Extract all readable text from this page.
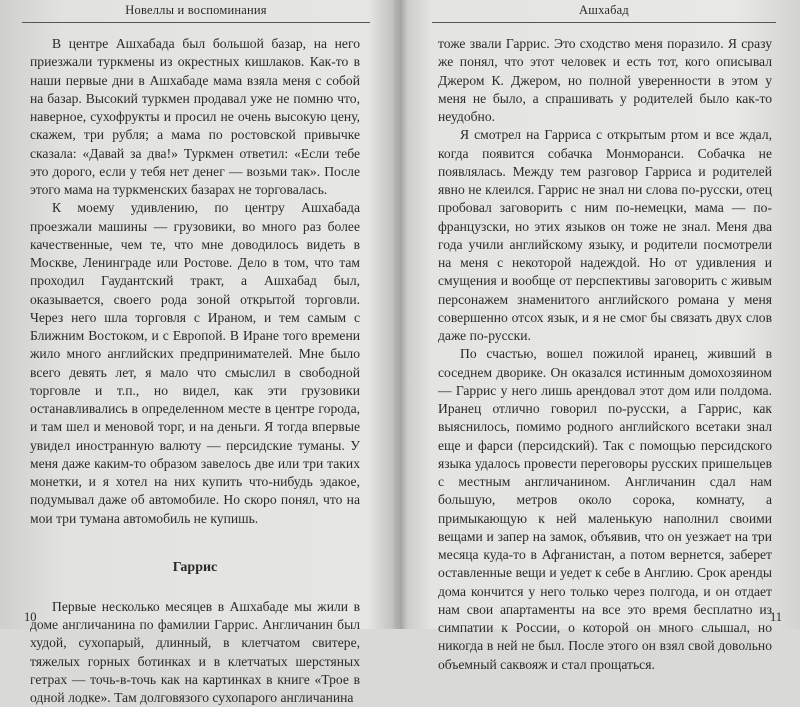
Новеллы и воспоминания

В центре Ашхабада был большой базар, на него приезжали туркмены из окрестных кишлаков. Как-то в наши первые дни в Ашхабаде мама взяла меня с собой на базар. Высокий туркмен продавал уже не помню что, наверное, сухофрукты и просил не очень высокую цену, скажем, три рубля; а мама по ростовской привычке сказала: «Давай за два!» Туркмен ответил: «Если тебе это дорого, если у тебя нет денег — возьми так». После этого мама на туркменских базарах не торговалась.

К моему удивлению, по центру Ашхабада проезжали машины — грузовики, во много раз более качественные, чем те, что мне доводилось видеть в Москве, Ленинграде или Ростове. Дело в том, что там проходил Гаудантский тракт, а Ашхабад был, оказывается, своего рода зоной открытой торговли. Через него шла торговля с Ираном, и тем самым с Ближним Востоком, и с Европой. В Иране того времени жило много английских предпринимателей. Мне было всего девять лет, я мало что смыслил в свободной торговле и т.п., но видел, как эти грузовики останавливались в определенном месте в центре города, и там шел и меновой торг, и на деньги. Я тогда впервые увидел иностранную валюту — персидские туманы. У меня даже каким-то образом завелось две или три таких монетки, и я хотел на них купить что-нибудь эдакое, подумывал даже об автомобиле. Но скоро понял, что на мои три тумана автомобиль не купишь.

Гаррис

Первые несколько месяцев в Ашхабаде мы жили в доме англичанина по фамилии Гаррис. Англичанин был худой, сухопарый, длинный, в клетчатом свитере, тяжелых горных ботинках и в клетчатых шерстяных гетрах — точь-в-точь как на картинках в книге «Трое в одной лодке». Там долговязого сухопарого англичанина

10
Ашхабад

тоже звали Гаррис. Это сходство меня поразило. Я сразу же понял, что этот человек и есть тот, кого описывал Джером К. Джером, но полной уверенности в этом у меня не было, а спрашивать у родителей было как-то неудобно.

Я смотрел на Гарриса с открытым ртом и все ждал, когда появится собачка Монморанси. Собачка не появлялась. Между тем разговор Гарриса и родителей явно не клеился. Гаррис не знал ни слова по-русски, отец пробовал заговорить с ним по-немецки, мама — по-французски, но этих языков он тоже не знал. Меня два года учили английскому языку, и родители посмотрели на меня с некоторой надеждой. Но от удивления и смущения и вообще от перспективы заговорить с живым персонажем знаменитого английского романа у меня совершенно отсох язык, и я не смог бы связать двух слов даже по-русски.

По счастью, вошел пожилой иранец, живший в соседнем дворике. Он оказался истинным домохозяином — Гаррис у него лишь арендовал этот дом или полдома. Иранец отлично говорил по-русски, а Гаррис, как выяснилось, помимо родного английского всетаки знал еще и фарси (персидский). Так с помощью персидского языка удалось провести переговоры русских пришельцев с местным англичанином. Англичанин сдал нам большую, метров около сорока, комнату, а примыкающую к ней маленькую наполнил своими вещами и запер на замок, объявив, что он уезжает на три месяца куда-то в Афганистан, а потом вернется, заберет оставленные вещи и уедет к себе в Англию. Срок аренды дома кончится у него только через полгода, и он отдает нам свои апартаменты на все это время бесплатно из симпатии к России, о которой он много слышал, но никогда в ней не был. После этого он взял свой довольно объемный саквояж и стал прощаться.

11
